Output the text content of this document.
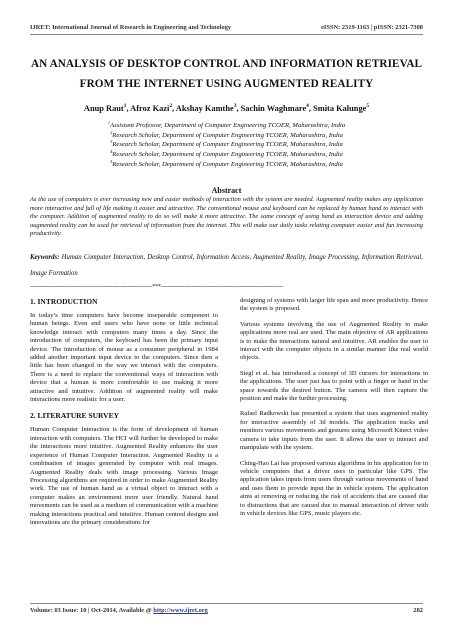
IJRET: International Journal of Research in Engineering and Technology	eISSN: 2319-1163 | pISSN: 2321-7308
AN ANALYSIS OF DESKTOP CONTROL AND INFORMATION RETRIEVAL FROM THE INTERNET USING AUGMENTED REALITY
Anup Raut$^1$, Afroz Kazi$^2$, Akshay Kamthe$^3$, Sachin Waghmare$^4$, Smita Kalunge$^5$
$^1$Assistant Professor, Department of Computer Engineering TCOER, Maharashtra, India
$^2$Research Scholar, Department of Computer Engineering TCOER, Maharashtra, India
$^3$Research Scholar, Department of Computer Engineering TCOER, Maharashtra, India
$^4$Research Scholar, Department of Computer Engineering TCOER, Maharashtra, India
$^5$Research Scholar, Department of Computer Engineering TCOER, Maharashtra, India
Abstract
As the use of computers is ever increasing new and easier methods of interaction with the system are needed. Augmented reality makes any application more interactive and full of life making it easier and attractive. The conventional mouse and keyboard can be replaced by human hand to interact with the computer. Addition of augmented reality to do so will make it more attractive. The same concept of using hand as interaction device and adding augmented reality can be used for retrieval of information from the internet. This will make our daily tasks relating computer easier and fun increasing productivity.
Keywords: Human Computer Interaction, Desktop Control, Information Access, Augmented Reality, Image Processing, Information Retrieval, Image Formation
--------------------------------------------------------------------***--------------------------------------------------------------------
1. INTRODUCTION

In today’s time computers have become inseparable component to human beings. Even end users who have none or little technical knowledge interact with computers many times a day. Since the introduction of computers, the keyboard has been the primary input device. The introduction of mouse as a consumer peripheral in 1984 added another important input device to the computers. Since then a little has been changed in the way we interact with the computers. There is a need to replace the conventional ways of interaction with device that a human is more comfortable to use making it more attractive and intuitive. Addition of augmented reality will make interactions more realistic for a user.

2. LITERATURE SURVEY

Human Computer Interaction is the form of development of human interaction with computers. The HCI will further be developed to make the interactions more intuitive. Augmented Reality enhances the user experience of Human Computer Interaction. Augmented Reality is a combination of images generated by computer with real images. Augmented Reality deals with image processing. Various Image Processing algorithms are required in order to make Augmented Reality work. The use of human hand as a virtual object to interact with a computer makes an environment more user friendly. Natural hand movements can be used as a medium of communication with a machine making interactions practical and intuitive. Human centred designs and innovations are the primary considerations for

designing of systems with larger life span and more productivity. Hence the system is proposed.

Various systems involving the use of Augmented Reality to make applications more real are used. The main objective of AR applications is to make the interactions natural and intuitive. AR enables the user to interact with the computer objects in a similar manner like real world objects.

Siegl et al. has introduced a concept of 3D cursors for interactions in the applications. The user just has to point with a finger or hand in the space towards the desired button. The camera will then capture the position and make the further processing.

Rafael Radkowski has presented a system that uses augmented reality for interactive assembly of 3d models. The application tracks and monitors various movements and gestures using Microsoft Kinect video camera to take inputs from the user. It allows the user to interact and manipulate with the system.

Ching-Hao Lai has proposed various algorithms in his application for in vehicle computers that a driver uses in particular like GPS. The application takes inputs from users through various movements of hand and uses them to provide input the in vehicle system. The application aims at removing or reducing the risk of accidents that are caused due to distractions that are caused due to manual interaction of driver with in vehicle devices like GPS, music players etc.

Volume: 03 Issue: 10 | Oct-2014, Available @ http://www.ijret.org	282
